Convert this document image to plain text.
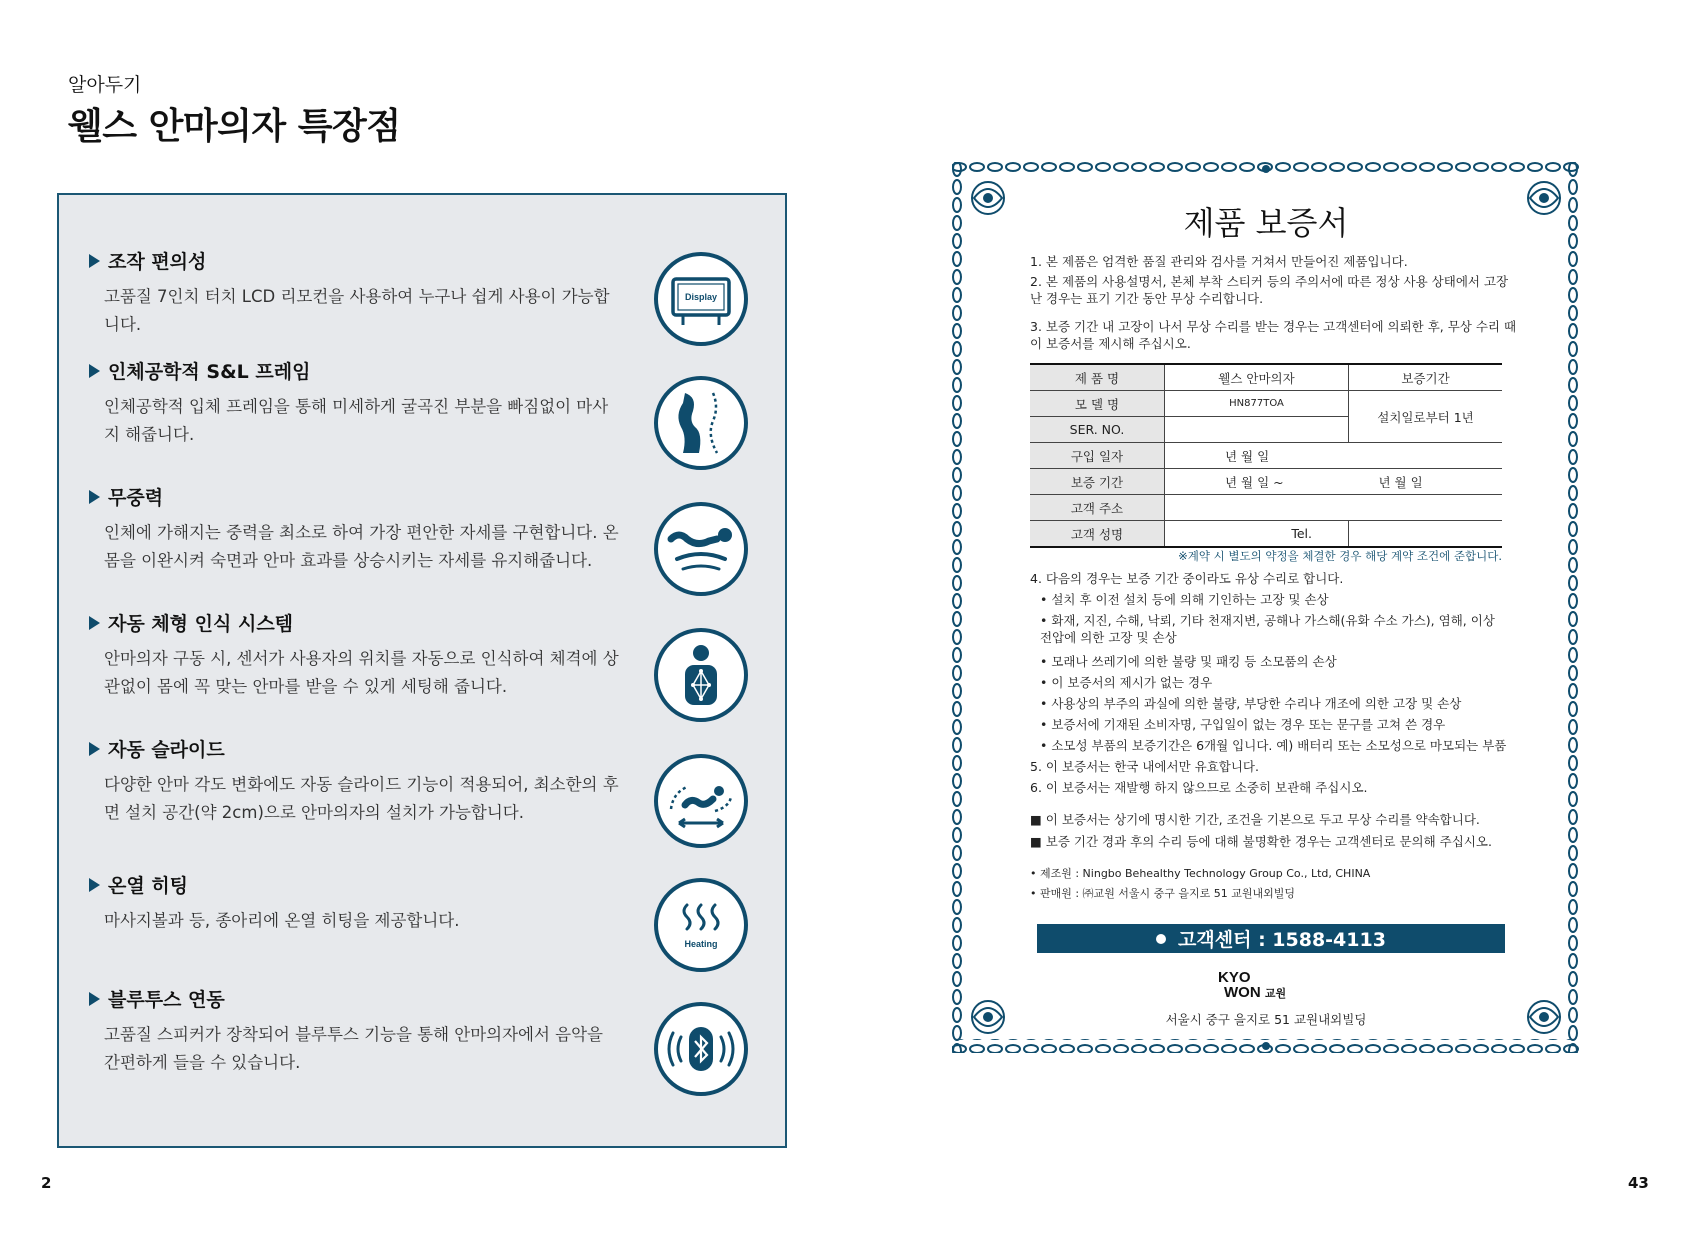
알아두기
웰스 안마의자 특장점
조작 편의성
고품질 7인치 터치 LCD 리모컨을 사용하여 누구나 쉽게 사용이 가능합니다.
Display
인체공학적 S&L 프레임
인체공학적 입체 프레임을 통해 미세하게 굴곡진 부분을 빠짐없이 마사지 해줍니다.
무중력
인체에 가해지는 중력을 최소로 하여 가장 편안한 자세를 구현합니다. 온몸을 이완시켜 숙면과 안마 효과를 상승시키는 자세를 유지해줍니다.
자동 체형 인식 시스템
안마의자 구동 시, 센서가 사용자의 위치를 자동으로 인식하여 체격에 상관없이 몸에 꼭 맞는 안마를 받을 수 있게 세팅해 줍니다.
자동 슬라이드
다양한 안마 각도 변화에도 자동 슬라이드 기능이 적용되어, 최소한의 후면 설치 공간(약 2cm)으로 안마의자의 설치가 가능합니다.
온열 히팅
마사지볼과 등, 종아리에 온열 히팅을 제공합니다.
Heating
블루투스 연동
고품질 스피커가 장착되어 블루투스 기능을 통해 안마의자에서 음악을 간편하게 들을 수 있습니다.
2
제품 보증서
1. 본 제품은 엄격한 품질 관리와 검사를 거쳐서 만들어진 제품입니다.
2. 본 제품의 사용설명서, 본체 부착 스티커 등의 주의서에 따른 정상 사용 상태에서 고장난 경우는 표기 기간 동안 무상 수리합니다.
3. 보증 기간 내 고장이 나서 무상 수리를 받는 경우는 고객센터에 의뢰한 후, 무상 수리 때 이 보증서를 제시해 주십시오.
제 품 명	웰스 안마의자	보증기간
모 델 명	HN877TOA	설치일로부터 1년
SER. NO.		
구입 일자	년 월 일	
보증 기간	년 월 일 ~	년 월 일
고객 주소		
고객 성명	Tel.	
※계약 시 별도의 약정을 체결한 경우 해당 계약 조건에 준합니다.
4. 다음의 경우는 보증 기간 중이라도 유상 수리로 합니다.
• 설치 후 이전 설치 등에 의해 기인하는 고장 및 손상
• 화재, 지진, 수해, 낙뢰, 기타 천재지변, 공해나 가스해(유화 수소 가스), 염해, 이상 전압에 의한 고장 및 손상
• 모래나 쓰레기에 의한 불량 및 패킹 등 소모품의 손상
• 이 보증서의 제시가 없는 경우
• 사용상의 부주의 과실에 의한 불량, 부당한 수리나 개조에 의한 고장 및 손상
• 보증서에 기재된 소비자명, 구입일이 없는 경우 또는 문구를 고쳐 쓴 경우
• 소모성 부품의 보증기간은 6개월 입니다. 예) 배터리 또는 소모성으로 마모되는 부품
5. 이 보증서는 한국 내에서만 유효합니다.
6. 이 보증서는 재발행 하지 않으므로 소중히 보관해 주십시오.
■ 이 보증서는 상기에 명시한 기간, 조건을 기본으로 두고 무상 수리를 약속합니다.
■ 보증 기간 경과 후의 수리 등에 대해 불명확한 경우는 고객센터로 문의해 주십시오.
• 제조원 : Ningbo Behealthy Technology Group Co., Ltd, CHINA
• 판매원 : ㈜교원 서울시 중구 을지로 51 교원내외빌딩
고객센터 : 1588-4113
KYO
WON 교원
서울시 중구 을지로 51 교원내외빌딩
43
